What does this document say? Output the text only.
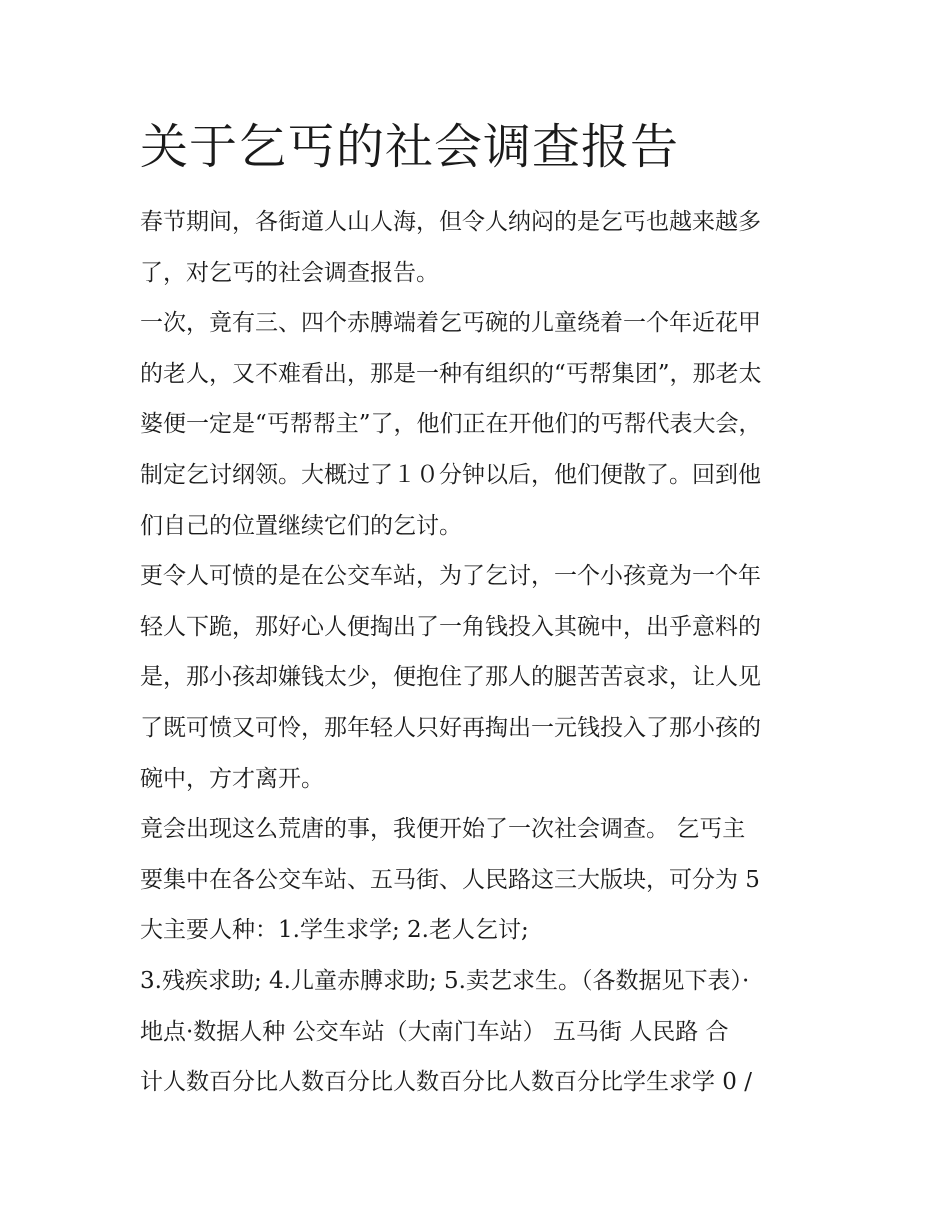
关于乞丐的社会调查报告

春节期间，各街道人山人海，但令人纳闷的是乞丐也越来越多
了，对乞丐的社会调查报告。

一次，竟有三、四个赤膊端着乞丐碗的儿童绕着一个年近花甲
的老人，又不难看出，那是一种有组织的“丐帮集团”，那老太
婆便一定是“丐帮帮主”了，他们正在开他们的丐帮代表大会，
制定乞讨纲领。大概过了１０分钟以后，他们便散了。回到他
们自己的位置继续它们的乞讨。

更令人可愤的是在公交车站，为了乞讨，一个小孩竟为一个年
轻人下跪，那好心人便掏出了一角钱投入其碗中，出乎意料的
是，那小孩却嫌钱太少，便抱住了那人的腿苦苦哀求，让人见
了既可愤又可怜，那年轻人只好再掏出一元钱投入了那小孩的
碗中，方才离开。

竟会出现这么荒唐的事，我便开始了一次社会调查。 乞丐主
要集中在各公交车站、五马街、人民路这三大版块，可分为 5
大主要人种：1.学生求学; 2.老人乞讨;

3.残疾求助; 4.儿童赤膊求助; 5.卖艺求生。（各数据见下表）·

地点·数据人种 公交车站（大南门车站） 五马街 人民路 合
计人数百分比人数百分比人数百分比人数百分比学生求学 0 /
